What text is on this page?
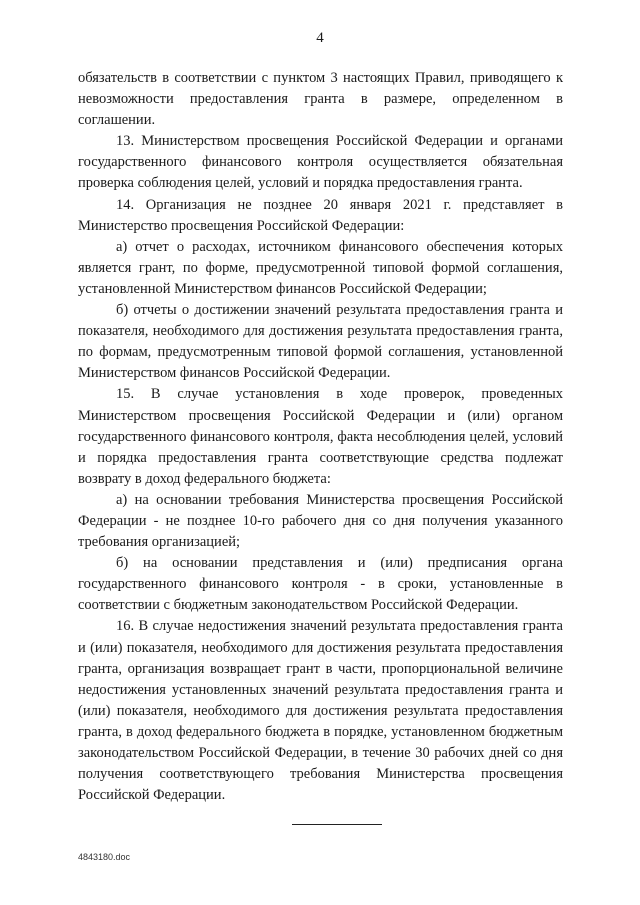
4

обязательств в соответствии с пунктом 3 настоящих Правил, приводящего к невозможности предоставления гранта в размере, определенном в соглашении.

13. Министерством просвещения Российской Федерации и органами государственного финансового контроля осуществляется обязательная проверка соблюдения целей, условий и порядка предоставления гранта.

14. Организация не позднее 20 января 2021 г. представляет в Министерство просвещения Российской Федерации:

а) отчет о расходах, источником финансового обеспечения которых является грант, по форме, предусмотренной типовой формой соглашения, установленной Министерством финансов Российской Федерации;

б) отчеты о достижении значений результата предоставления гранта и показателя, необходимого для достижения результата предоставления гранта, по формам, предусмотренным типовой формой соглашения, установленной Министерством финансов Российской Федерации.

15. В случае установления в ходе проверок, проведенных Министерством просвещения Российской Федерации и (или) органом государственного финансового контроля, факта несоблюдения целей, условий и порядка предоставления гранта соответствующие средства подлежат возврату в доход федерального бюджета:

а) на основании требования Министерства просвещения Российской Федерации - не позднее 10-го рабочего дня со дня получения указанного требования организацией;

б) на основании представления и (или) предписания органа государственного финансового контроля - в сроки, установленные в соответствии с бюджетным законодательством Российской Федерации.

16. В случае недостижения значений результата предоставления гранта и (или) показателя, необходимого для достижения результата предоставления гранта, организация возвращает грант в части, пропорциональной величине недостижения установленных значений результата предоставления гранта и (или) показателя, необходимого для достижения результата предоставления гранта, в доход федерального бюджета в порядке, установленном бюджетным законодательством Российской Федерации, в течение 30 рабочих дней со дня получения соответствующего требования Министерства просвещения Российской Федерации.

4843180.doc
